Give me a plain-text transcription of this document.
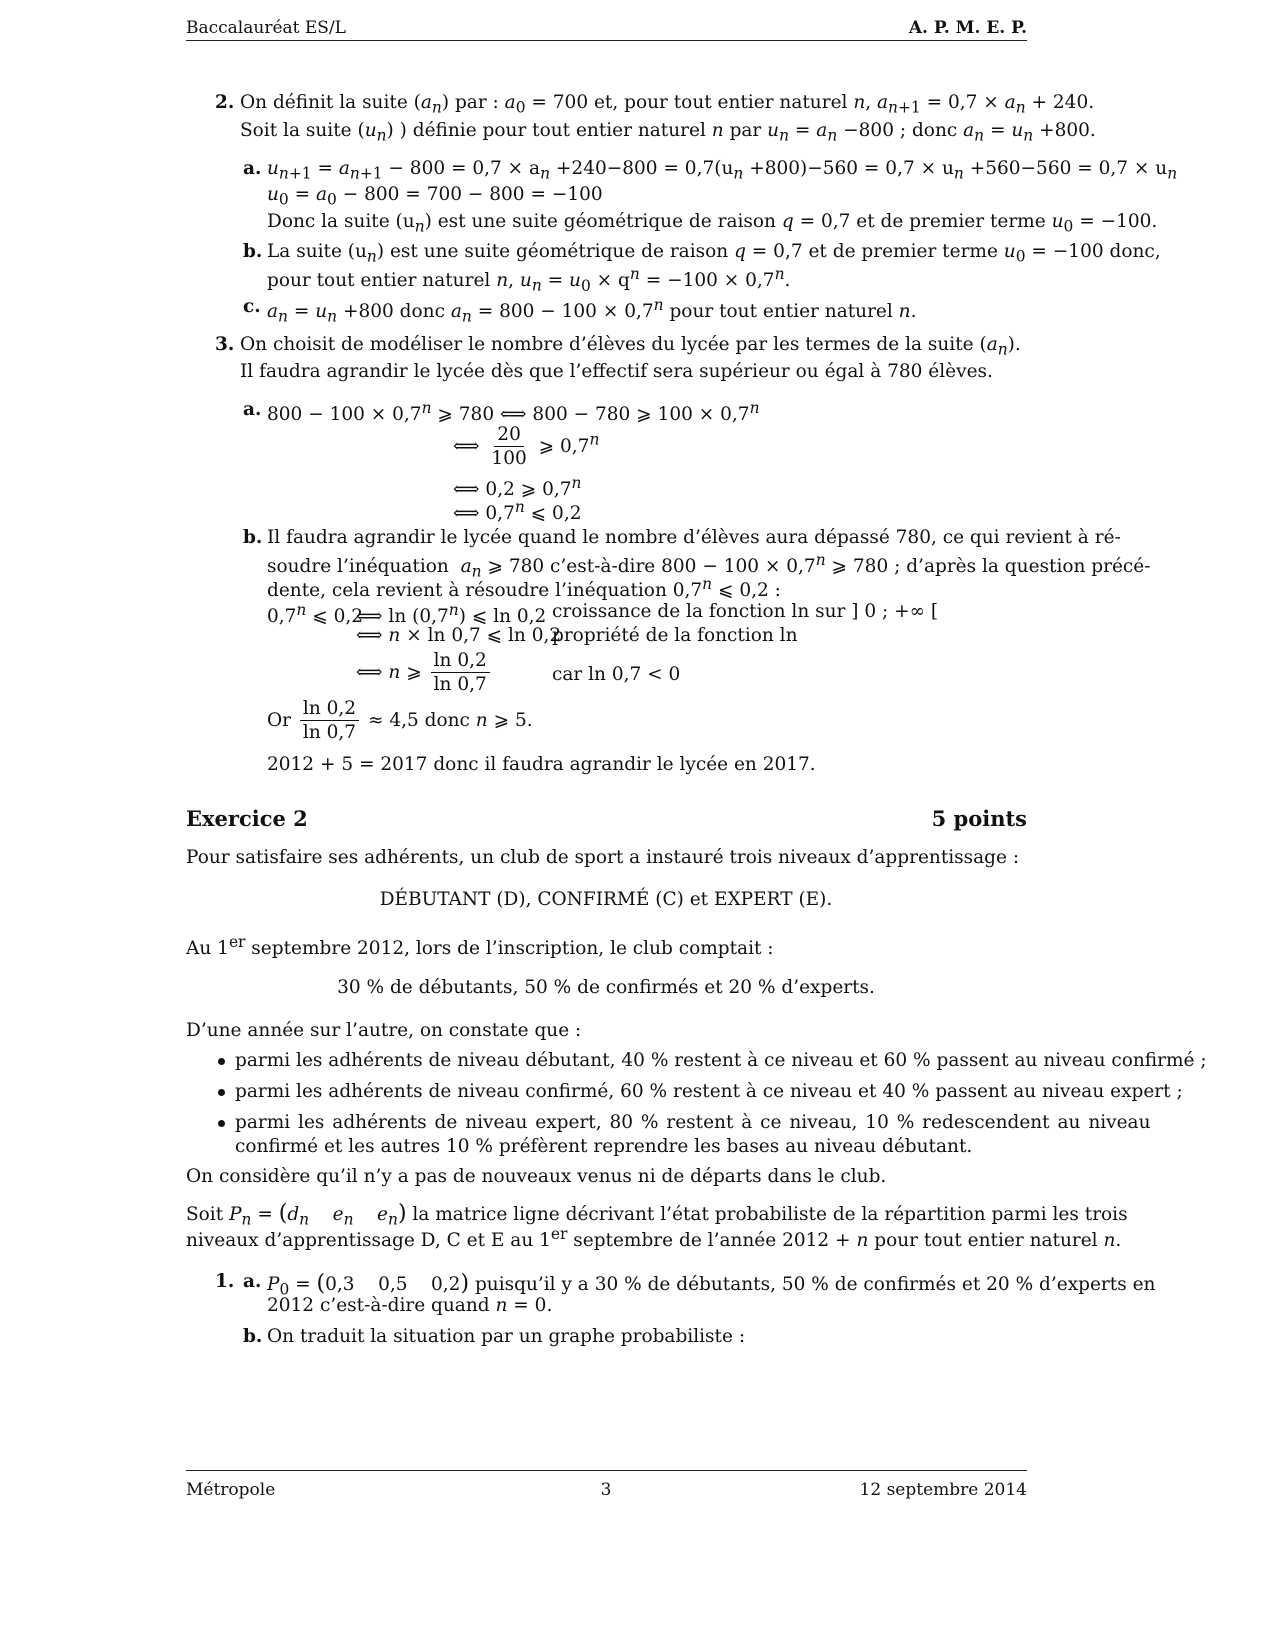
Baccalauréat ES/L	A. P. M. E. P.
2. On définit la suite $(a_n)$ par : $a_0 = 700$ et, pour tout entier naturel n, $a_{n+1} = 0,7 \times a_n + 240$.
Soit la suite $(u_n)$ ) définie pour tout entier naturel n par $u_n = a_n -800$ ; donc $a_n = u_n +800$.
a. $u_{n+1} = a_{n+1} - 800 = 0,7 \times a_n +240-800 = 0,7(u_n +800)-560 = 0,7 \times u_n +560-560 = 0,7 \times u_n$
$u_0 = a_0 - 800 = 700 - 800 = -100$
Donc la suite $(u_n)$ est une suite géométrique de raison q = 0,7 et de premier terme $u_0 = -100$.
b. La suite $(u_n)$ est une suite géométrique de raison q = 0,7 et de premier terme $u_0 = -100$ donc,
pour tout entier naturel n, $u_n = u_0 \times q^n = -100 \times 0,7^n$.
c. $a_n = u_n +800$ donc $a_n = 800 - 100 \times 0,7^n$ pour tout entier naturel n.
3. On choisit de modéliser le nombre d’élèves du lycée par les termes de la suite $(a_n)$.
Il faudra agrandir le lycée dès que l’effectif sera supérieur ou égal à 780 élèves.
a. $800 - 100 \times 0,7^n$ ⩾ 780 ⟺ 800 − 780 ⩾ $100 \times 0,7^n$
⟺ $\frac{20}{100}$ ⩾ 0,7$^n$
⟺ 0,2 ⩾ 0,7$^n$
⟺ 0,7$^n$ ⩽ 0,2
b. Il faudra agrandir le lycée quand le nombre d’élèves aura dépassé 780, ce qui revient à ré-
soudre l’inéquation $a_n$ ⩾ 780 c’est-à-dire $800 - 100 \times 0,7^n$ ⩾ 780 ; d’après la question précé-
dente, cela revient à résoudre l’inéquation 0,7$^n$ ⩽ 0,2 :
0,7$^n$ ⩽ 0,2
⟺ ln (0,7$^n$) ⩽ ln 0,2 croissance de la fonction ln sur ] 0 ; +∞ [
⟺ n × ln 0,7 ⩽ ln 0,2
propriété de la fonction ln
⟺ n ⩾ $\frac{\ln 0,2}{\ln 0,7}$	car ln 0,7 < 0
Or $\frac{\ln 0,2}{\ln 0,7} \approx 4,5$ donc n ⩾ 5.
2012 + 5 = 2017 donc il faudra agrandir le lycée en 2017.
Exercice 2	5 points
Pour satisfaire ses adhérents, un club de sport a instauré trois niveaux d’apprentissage :
DÉBUTANT (D), CONFIRMÉ (C) et EXPERT (E).
Au 1er septembre 2012, lors de l’inscription, le club comptait :
30 % de débutants, 50 % de confirmés et 20 % d’experts.
D’une année sur l’autre, on constate que :
parmi les adhérents de niveau débutant, 40 % restent à ce niveau et 60 % passent au niveau confirmé ;
parmi les adhérents de niveau confirmé, 60 % restent à ce niveau et 40 % passent au niveau expert ;
parmi les adhérents de niveau expert, 80 % restent à ce niveau, 10 % redescendent au niveau
confirmé et les autres 10 % préfèrent reprendre les bases au niveau débutant.
On considère qu’il n’y a pas de nouveaux venus ni de départs dans le club.
Soit $P_n = (d_n$ $e_n$ $e_n$) la matrice ligne décrivant l’état probabiliste de la répartition parmi les trois
niveaux d’apprentissage D, C et E au 1er septembre de l’année 2012 + n pour tout entier naturel n.
1. a. $P_0 = (0,3$ 0,5 0,2) puisqu’il y a 30 % de débutants, 50 % de confirmés et 20 % d’experts en
2012 c’est-à-dire quand n = 0.
b. On traduit la situation par un graphe probabiliste :
Métropole	3	12 septembre 2014
